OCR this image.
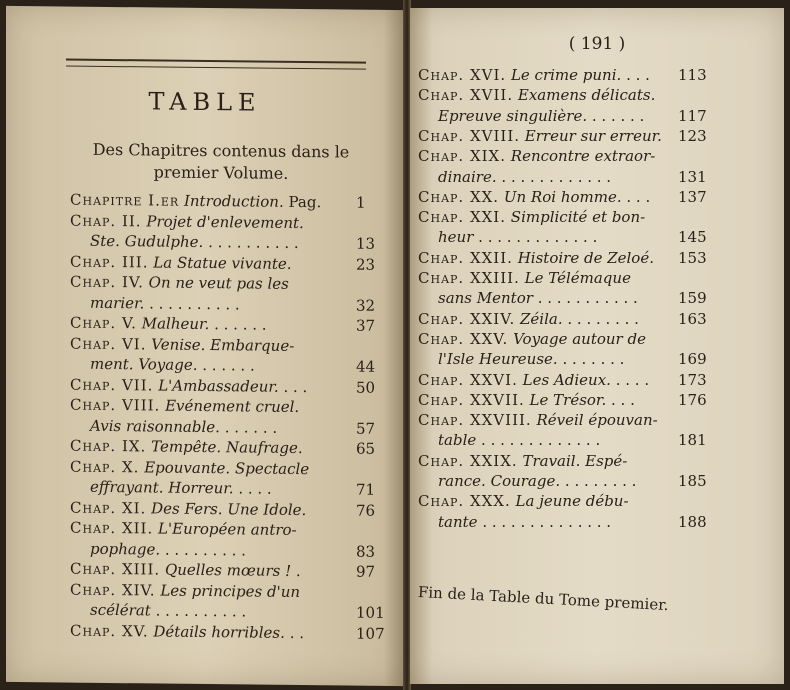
TABLE
Des Chapitres contenus dans le
premier Volume.
Chapitre I.er Introduction. Pag. 1
Chap. II. Projet d'enlevement.
Ste. Gudulphe. . . . . . . . . . .	13
Chap. III. La Statue vivante.	23
Chap. IV. On ne veut pas les
marier. . . . . . . . . . .	32
Chap. V. Malheur. . . . . . .	37
Chap. VI. Venise. Embarque-
ment. Voyage. . . . . . .	44
Chap. VII. L'Ambassadeur. . . .	50
Chap. VIII. Evénement cruel.
Avis raisonnable. . . . . . .	57
Chap. IX. Tempête. Naufrage.	65
Chap. X. Epouvante. Spectacle
effrayant. Horreur. . . . .	71
Chap. XI. Des Fers. Une Idole.	76
Chap. XII. L'Européen antro-
pophage. . . . . . . . . .	83
Chap. XIII. Quelles mœurs ! .	97
Chap. XIV. Les principes d'un
scélérat . . . . . . . . . .	101
Chap. XV. Détails horribles. . .	107
Chap. XVI. Le crime puni. . . . 113
Chap. XVII. Examens délicats.
Epreuve singulière. . . . . . . 117
Chap. XVIII. Erreur sur erreur. 123
Chap. XIX. Rencontre extraor-
dinaire. . . . . . . . . . . . .	131
Chap. XX. Un Roi homme. . . . 137
Chap. XXI. Simplicité et bon-
heur . . . . . . . . . . . . .	145
Chap. XXII. Histoire de Zeloé. 153
Chap. XXIII. Le Télémaque
sans Mentor . . . . . . . . . . .	159
Chap. XXIV. Zéila. . . . . . . . .	163
Chap. XXV. Voyage autour de
l'Isle Heureuse. . . . . . . .	169
Chap. XXVI. Les Adieux. . . . . 173
Chap. XXVII. Le Trésor. . . .	176
Chap. XXVIII. Réveil épouvan-
table . . . . . . . . . . . . .	181
Chap. XXIX. Travail. Espé-
rance. Courage. . . . . . . . .	185
Chap. XXX. La jeune débu-
tante . . . . . . . . . . . . . .	188
( 191 )
Fin de la Table du Tome premier.
